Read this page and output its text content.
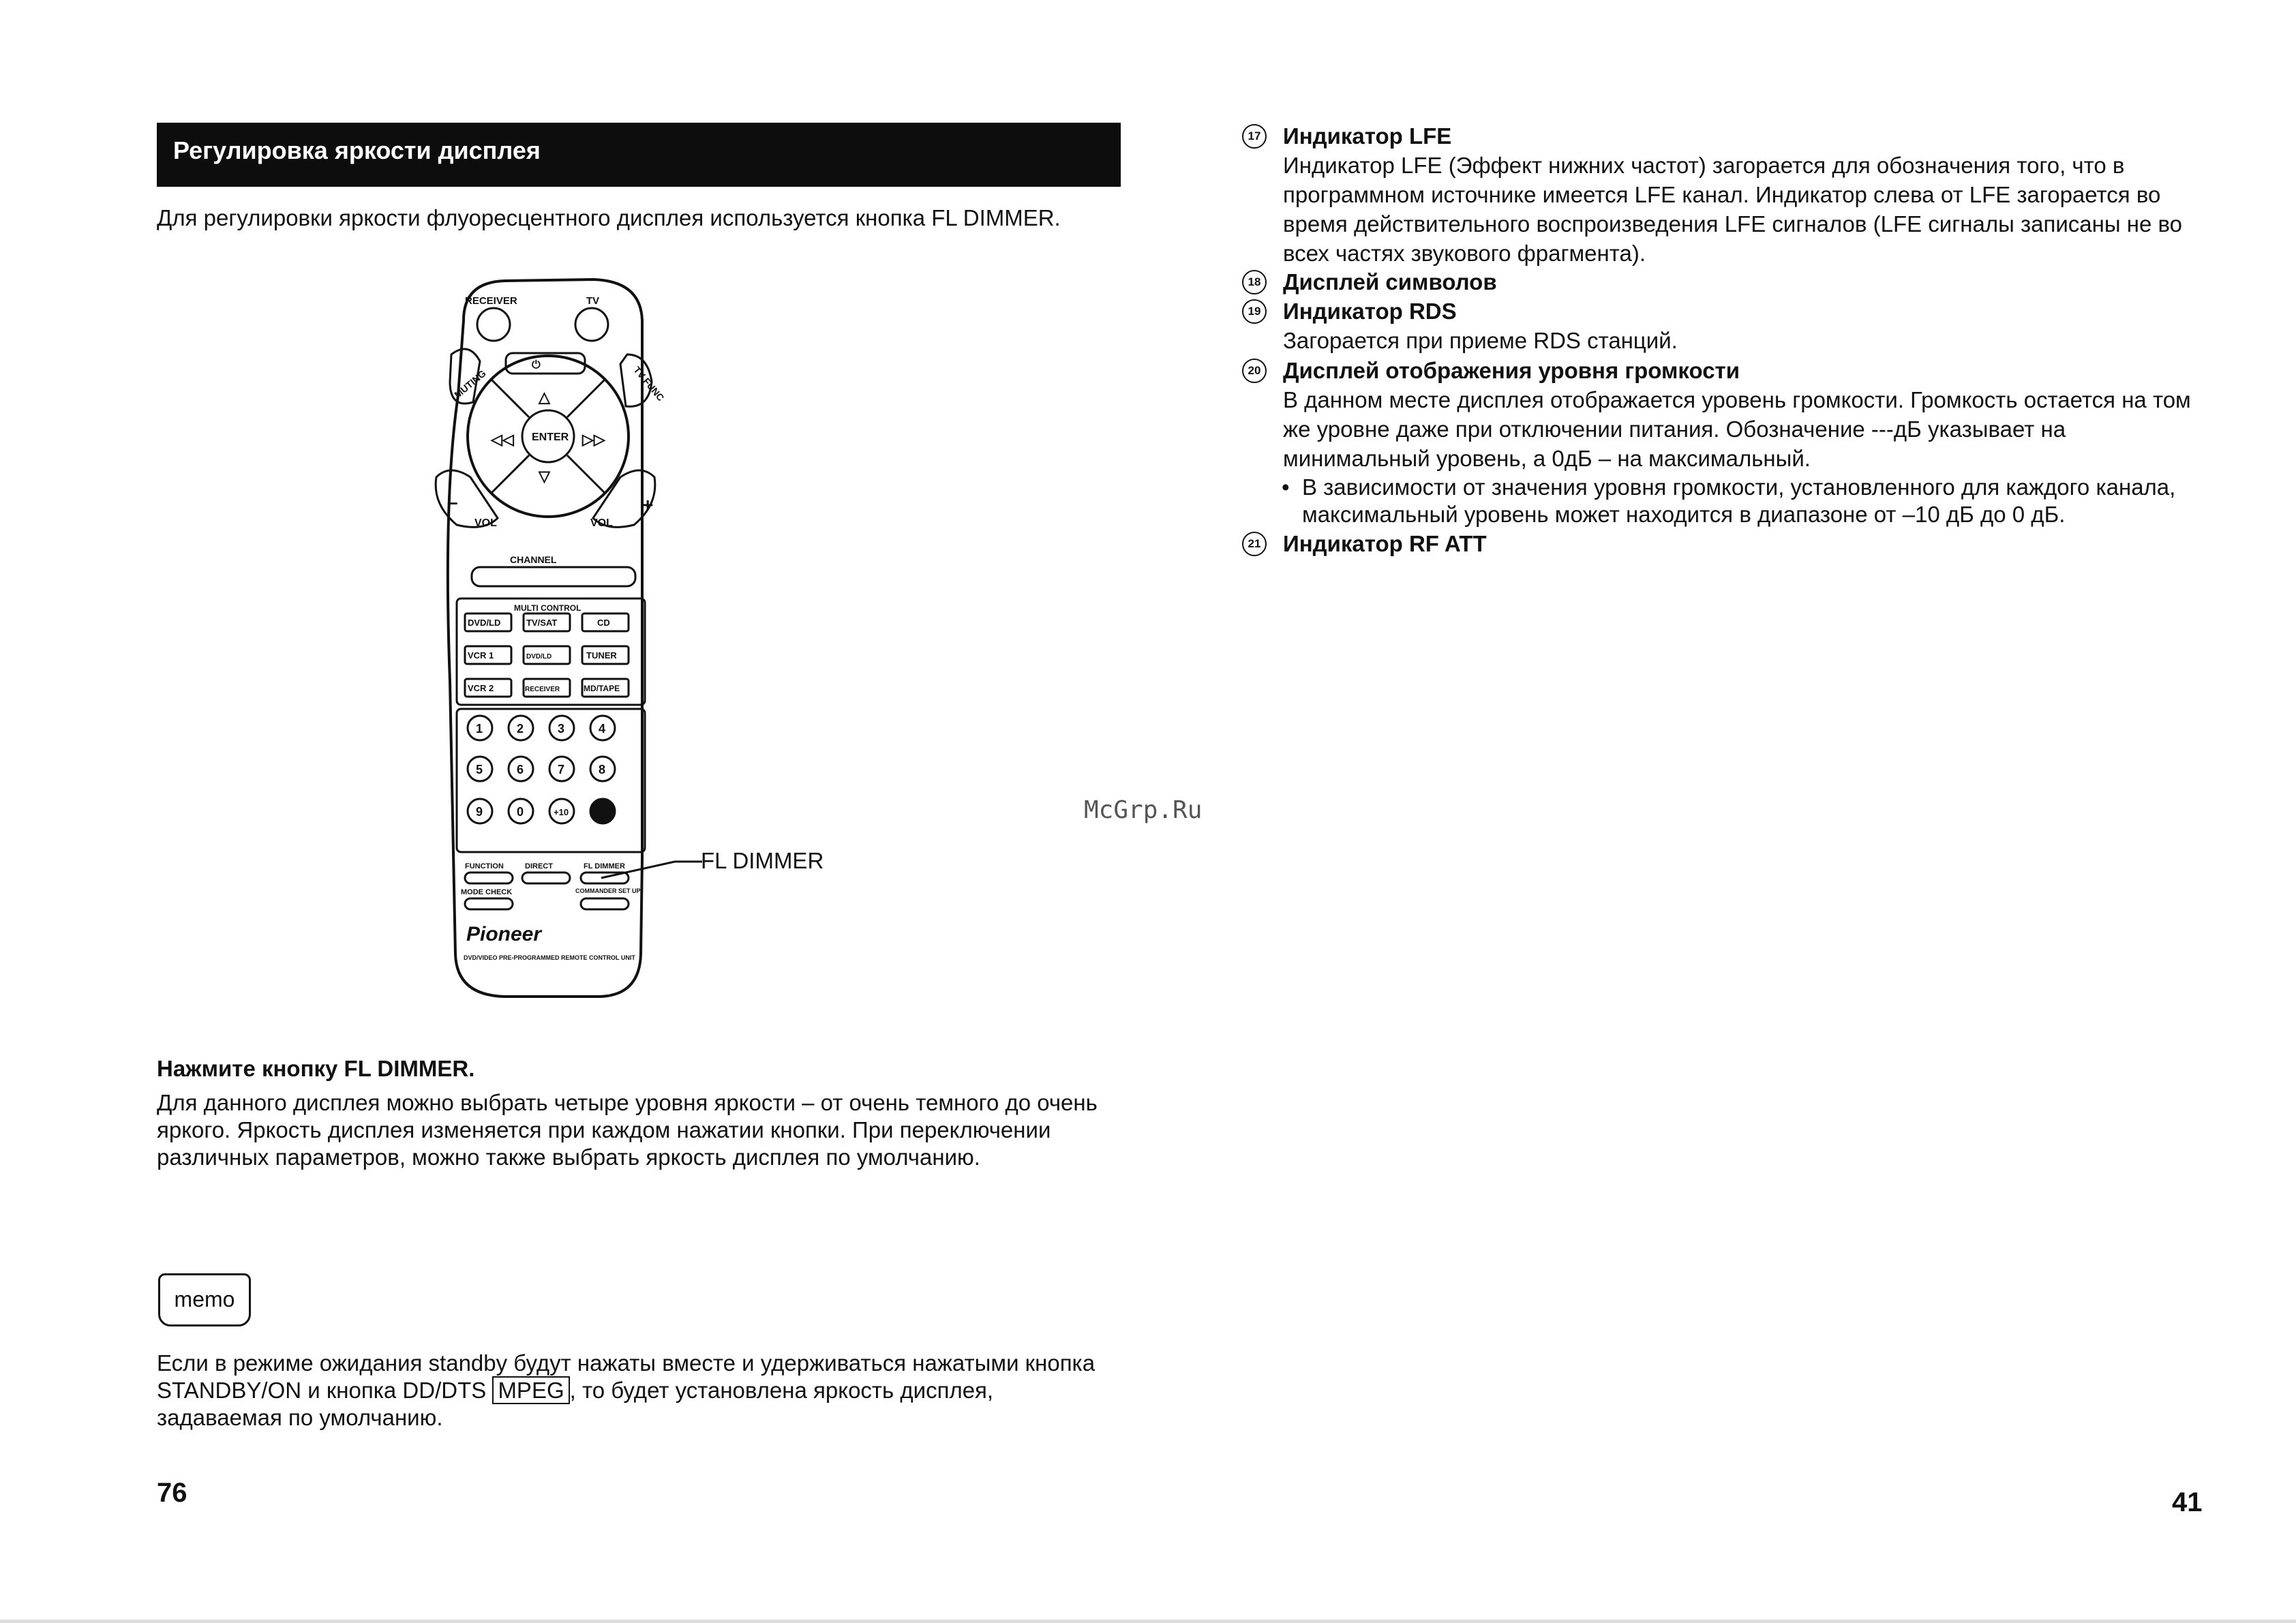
Регулировка яркости дисплея
Для регулировки яркости флуоресцентного дисплея используется кнопка FL DIMMER.
RECEIVER	TV
⏻
MUTING	TV FUNC
ENTER
△
▽
◁◁	▷▷
VOL	VOL
–	+
CHANNEL
MULTI CONTROL
DVD/LD	TV/SAT	CD
VCR 1	DVD/LD	TUNER
VCR 2	RECEIVER	MD/TAPE
1	2	3	4
5	6	7	8
9	0	+10
FUNCTION	DIRECT	FL DIMMER
MODE CHECK	COMMANDER SET UP
Pioneer
DVD/VIDEO PRE-PROGRAMMED REMOTE CONTROL UNIT
FL DIMMER
Нажмите кнопку FL DIMMER.
Для данного дисплея можно выбрать четыре уровня яркости – от очень темного до очень яркого. Яркость дисплея изменяется при каждом нажатии кнопки. При переключении различных параметров, можно также выбрать яркость дисплея по умолчанию.
memo
Если в режиме ожидания standby будут нажаты вместе и удерживаться нажатыми кнопка STANDBY/ON и кнопка DD/DTS MPEG , то будет установлена яркость дисплея, задаваемая по умолчанию.
76
17 Индикатор LFE
Индикатор LFE (Эффект нижних частот) загорается для обозначения того, что в программном источнике имеется LFE канал. Индикатор слева от LFE загорается во время действительного воспроизведения LFE сигналов (LFE сигналы записаны не во всех частях звукового фрагмента).
18 Дисплей символов
19 Индикатор RDS
Загорается при приеме RDS станций.
20 Дисплей отображения уровня громкости
В данном месте дисплея отображается уровень громкости. Громкость остается на том же уровне даже при отключении питания. Обозначение ---дБ указывает на минимальный уровень, а 0дБ – на максимальный.
• В зависимости от значения уровня громкости, установленного для каждого канала, максимальный уровень может находится в диапазоне от –10 дБ до 0 дБ.
21 Индикатор RF ATT
McGrp.Ru
41
